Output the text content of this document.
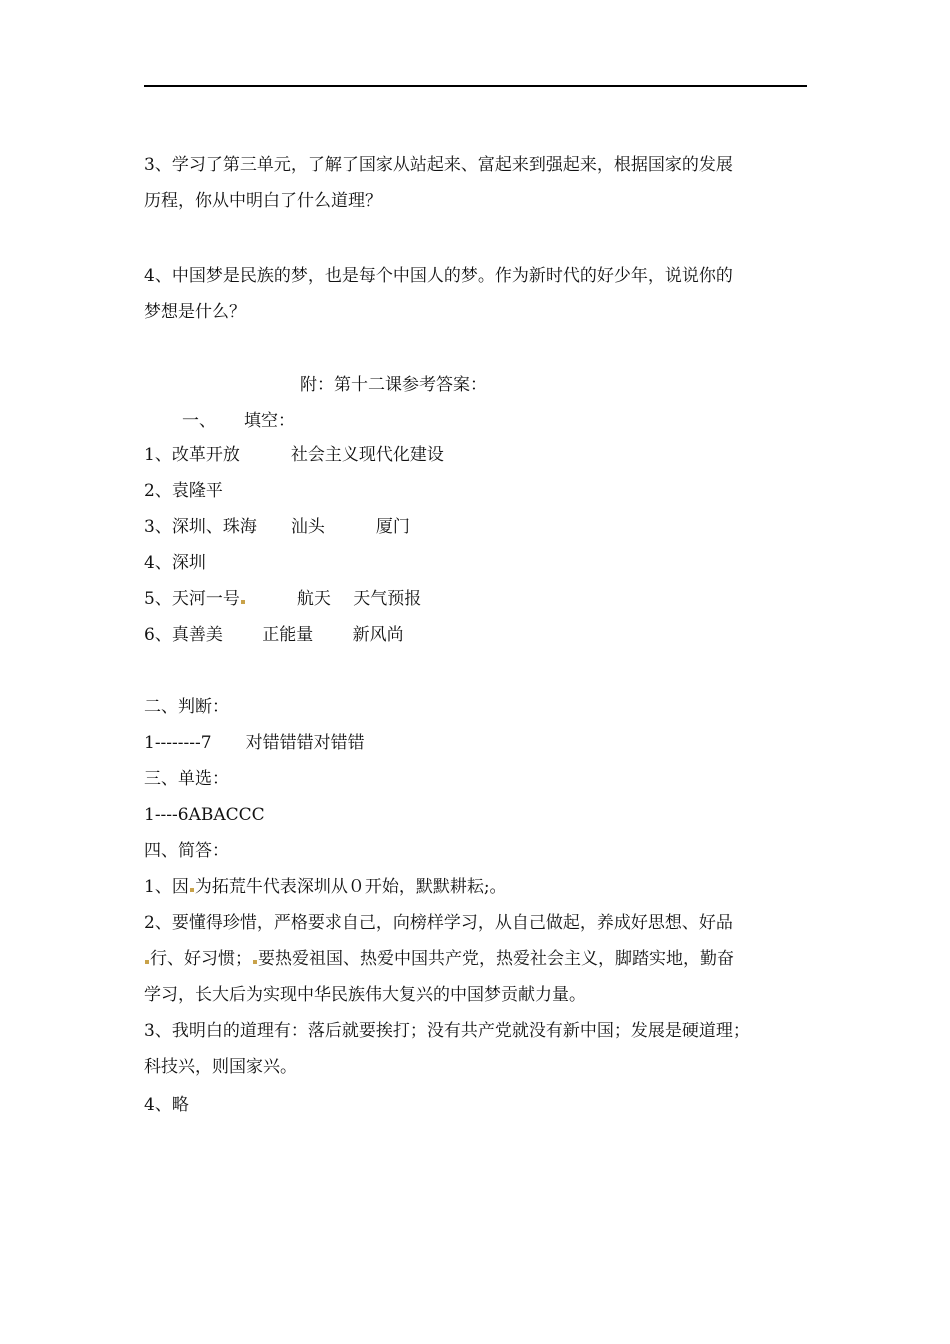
3、学习了第三单元，了解了国家从站起来、富起来到强起来，根据国家的发展
历程，你从中明白了什么道理？
4、中国梦是民族的梦，也是每个中国人的梦。作为新时代的好少年，说说你的
梦想是什么？
附：第十二课参考答案：
一、 填空：
1、改革开放　　　社会主义现代化建设
2、袁隆平
3、深圳、珠海　　汕头　　　厦门
4、深圳
5、天河一号　　　航天　 天气预报
6、真善美　　 正能量　　 新风尚
二、判断：
1--------7　　对错错错对错错
三、单选：
1----6ABACCC
四、简答：
1、因 为拓荒牛代表深圳从０开始，默默耕耘;。
2、要懂得珍惜，严格要求自己，向榜样学习，从自己做起，养成好思想、好品
行、好习惯； 要热爱祖国、热爱中国共产党，热爱社会主义，脚踏实地，勤奋
学习，长大后为实现中华民族伟大复兴的中国梦贡献力量。
3、我明白的道理有：落后就要挨打；没有共产党就没有新中国；发展是硬道理；
科技兴，则国家兴。
4、略
